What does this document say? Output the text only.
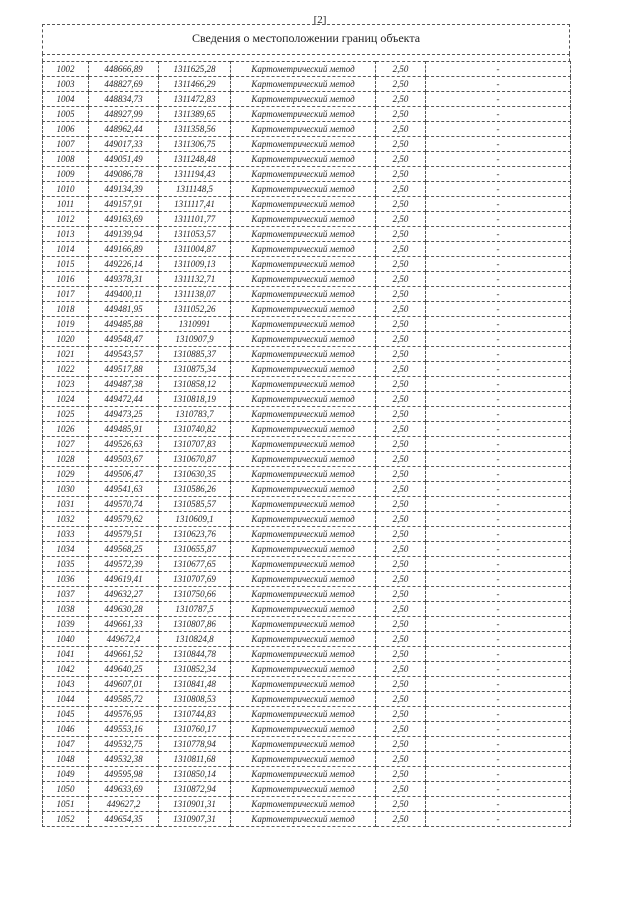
[2]
Сведения о местоположении границ объекта
1002	448666,89	1311625,28	Картометрический метод	2,50	-
1003	448827,69	1311466,29	Картометрический метод	2,50	-
1004	448834,73	1311472,83	Картометрический метод	2,50	-
1005	448927,99	1311389,65	Картометрический метод	2,50	-
1006	448962,44	1311358,56	Картометрический метод	2,50	-
1007	449017,33	1311306,75	Картометрический метод	2,50	-
1008	449051,49	1311248,48	Картометрический метод	2,50	-
1009	449086,78	1311194,43	Картометрический метод	2,50	-
1010	449134,39	1311148,5	Картометрический метод	2,50	-
1011	449157,91	1311117,41	Картометрический метод	2,50	-
1012	449163,69	1311101,77	Картометрический метод	2,50	-
1013	449139,94	1311053,57	Картометрический метод	2,50	-
1014	449166,89	1311004,87	Картометрический метод	2,50	-
1015	449226,14	1311009,13	Картометрический метод	2,50	-
1016	449378,31	1311132,71	Картометрический метод	2,50	-
1017	449400,11	1311138,07	Картометрический метод	2,50	-
1018	449481,95	1311052,26	Картометрический метод	2,50	-
1019	449485,88	1310991	Картометрический метод	2,50	-
1020	449548,47	1310907,9	Картометрический метод	2,50	-
1021	449543,57	1310885,37	Картометрический метод	2,50	-
1022	449517,88	1310875,34	Картометрический метод	2,50	-
1023	449487,38	1310858,12	Картометрический метод	2,50	-
1024	449472,44	1310818,19	Картометрический метод	2,50	-
1025	449473,25	1310783,7	Картометрический метод	2,50	-
1026	449485,91	1310740,82	Картометрический метод	2,50	-
1027	449526,63	1310707,83	Картометрический метод	2,50	-
1028	449503,67	1310670,87	Картометрический метод	2,50	-
1029	449506,47	1310630,35	Картометрический метод	2,50	-
1030	449541,63	1310586,26	Картометрический метод	2,50	-
1031	449570,74	1310585,57	Картометрический метод	2,50	-
1032	449579,62	1310609,1	Картометрический метод	2,50	-
1033	449579,51	1310623,76	Картометрический метод	2,50	-
1034	449568,25	1310655,87	Картометрический метод	2,50	-
1035	449572,39	1310677,65	Картометрический метод	2,50	-
1036	449619,41	1310707,69	Картометрический метод	2,50	-
1037	449632,27	1310750,66	Картометрический метод	2,50	-
1038	449630,28	1310787,5	Картометрический метод	2,50	-
1039	449661,33	1310807,86	Картометрический метод	2,50	-
1040	449672,4	1310824,8	Картометрический метод	2,50	-
1041	449661,52	1310844,78	Картометрический метод	2,50	-
1042	449640,25	1310852,34	Картометрический метод	2,50	-
1043	449607,01	1310841,48	Картометрический метод	2,50	-
1044	449585,72	1310808,53	Картометрический метод	2,50	-
1045	449576,95	1310744,83	Картометрический метод	2,50	-
1046	449553,16	1310760,17	Картометрический метод	2,50	-
1047	449532,75	1310778,94	Картометрический метод	2,50	-
1048	449532,38	1310811,68	Картометрический метод	2,50	-
1049	449595,98	1310850,14	Картометрический метод	2,50	-
1050	449633,69	1310872,94	Картометрический метод	2,50	-
1051	449627,2	1310901,31	Картометрический метод	2,50	-
1052	449654,35	1310907,31	Картометрический метод	2,50	-
